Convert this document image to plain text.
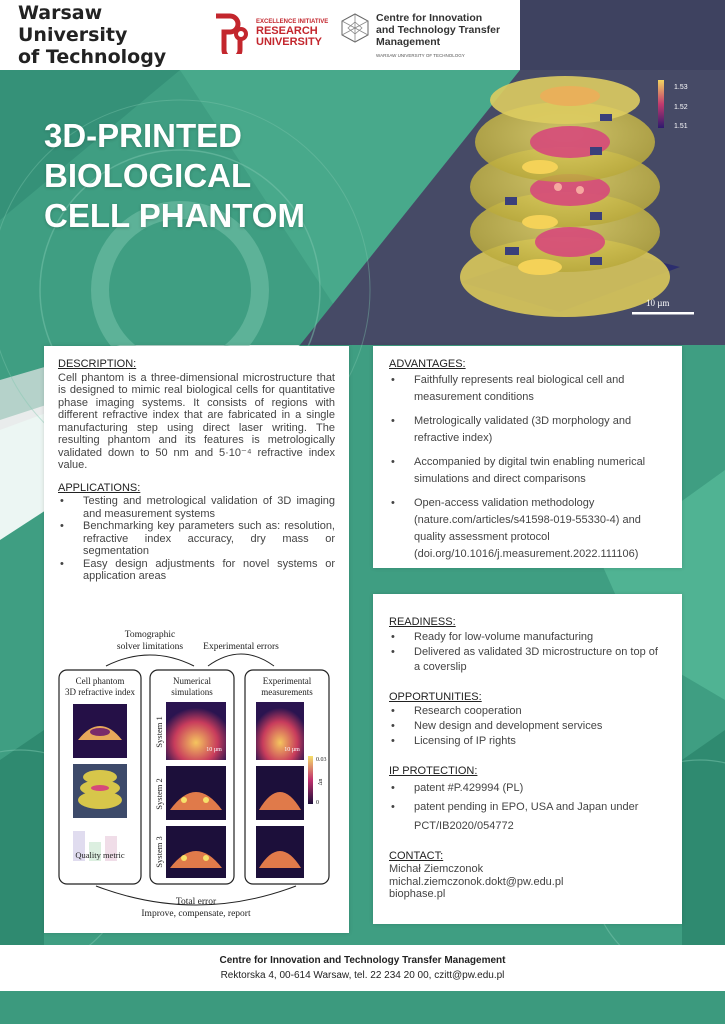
Warsaw University
of Technology
EXCELLENCE INITIATIVE
RESEARCH
UNIVERSITY
Centre for Innovation
and Technology Transfer
Management
WARSAW UNIVERSITY OF TECHNOLOGY
3D-PRINTED
BIOLOGICAL
CELL PHANTOM
1.53
1.52
1.51
10 µm
DESCRIPTION:

Cell phantom is a three-dimensional microstructure that is designed to mimic real biological cells for quantitative phase imaging systems. It consists of regions with different refractive index that are fabricated in a single manufacturing step using direct laser writing. The resulting phantom and its features is metrologically validated down to 50 nm and 5·10⁻⁴ refractive index value.

APPLICATIONS:
• Testing and metrological validation of 3D imaging and measurement systems
• Benchmarking key parameters such as: resolution, refractive index accuracy, dry mass or segmentation
• Easy design adjustments for novel systems or application areas
Tomographic
solver limitations Experimental errors
Cell phantom
3D refractive index
Numerical
simulations
Experimental
measurements
Quality metric
System 1
System 2
System 3
10 µm	10 µm
0.03
0
Δn
Total error
Improve, compensate, report
ADVANTAGES:
• Faithfully represents real biological cell and measurement conditions
• Metrologically validated (3D morphology and refractive index)
• Accompanied by digital twin enabling numerical simulations and direct comparisons
• Open-access validation methodology (nature.com/articles/s41598-019-55330-4) and quality assessment protocol (doi.org/10.1016/j.measurement.2022.111106)
READINESS:
• Ready for low-volume manufacturing
• Delivered as validated 3D microstructure on top of a coverslip
OPPORTUNITIES:
• Research cooperation
• New design and development services
• Licensing of IP rights
IP PROTECTION:
• patent #P.429994 (PL)
• patent pending in EPO, USA and Japan under PCT/IB2020/054772
CONTACT:
Michał Ziemczonok
michal.ziemczonok.dokt@pw.edu.pl
biophase.pl
Centre for Innovation and Technology Transfer Management
Rektorska 4, 00-614 Warsaw, tel. 22 234 20 00, czitt@pw.edu.pl
